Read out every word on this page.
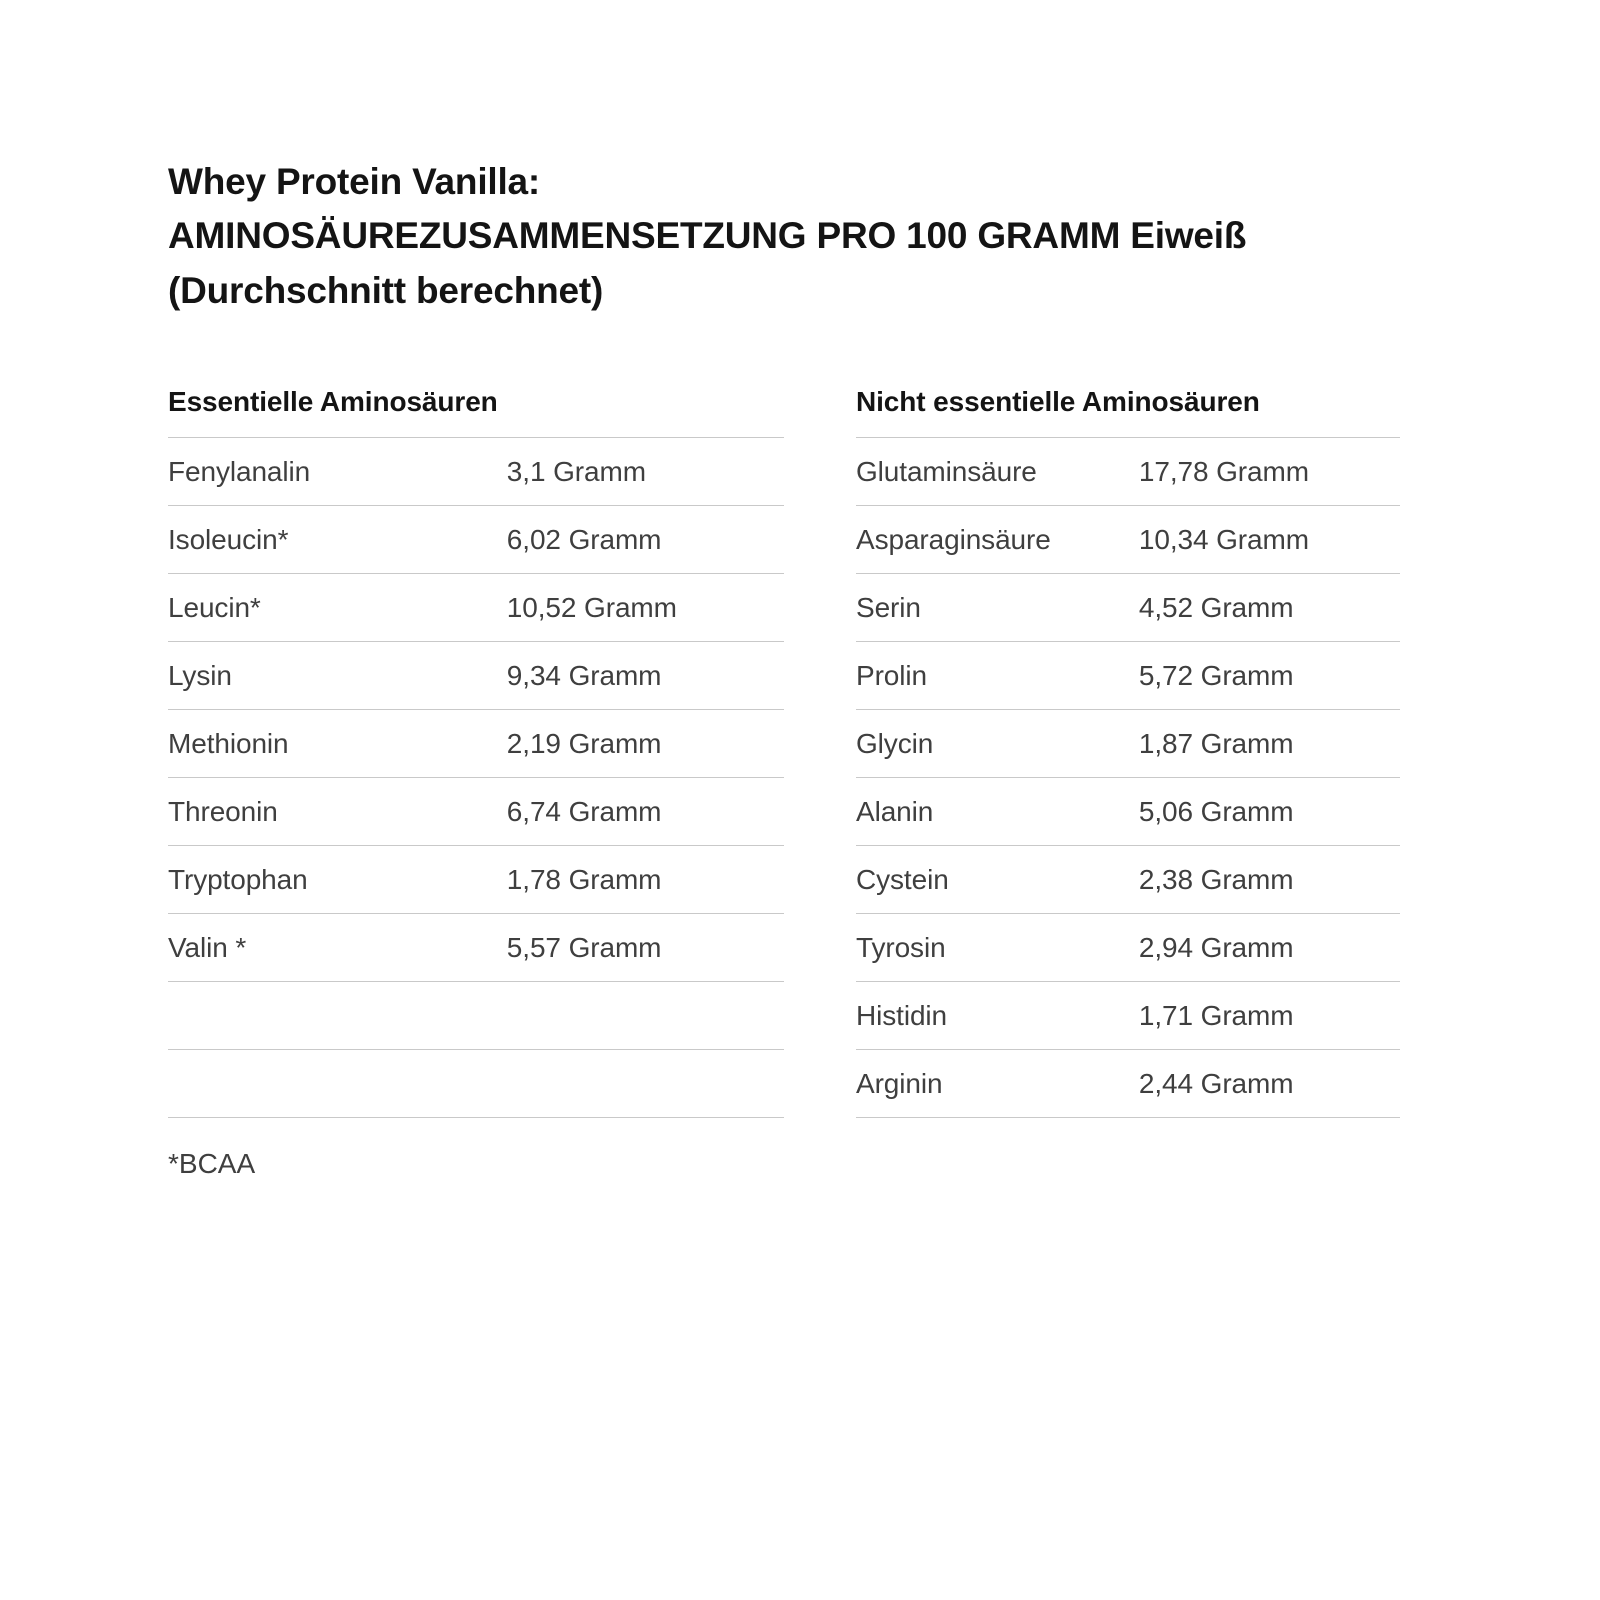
Whey Protein Vanilla:
AMINOSÄUREZUSAMMENSETZUNG PRO 100 GRAMM Eiweiß
(Durchschnitt berechnet)
Essentielle Aminosäuren
Fenylanalin	3,1 Gramm
Isoleucin*	6,02 Gramm
Leucin*	10,52 Gramm
Lysin	9,34 Gramm
Methionin	2,19 Gramm
Threonin	6,74 Gramm
Tryptophan	1,78 Gramm
Valin *	5,57 Gramm

Nicht essentielle Aminosäuren
Glutaminsäure	17,78 Gramm
Asparaginsäure	10,34 Gramm
Serin	4,52 Gramm
Prolin	5,72 Gramm
Glycin	1,87 Gramm
Alanin	5,06 Gramm
Cystein	2,38 Gramm
Tyrosin	2,94 Gramm
Histidin	1,71 Gramm
Arginin	2,44 Gramm
*BCAA
